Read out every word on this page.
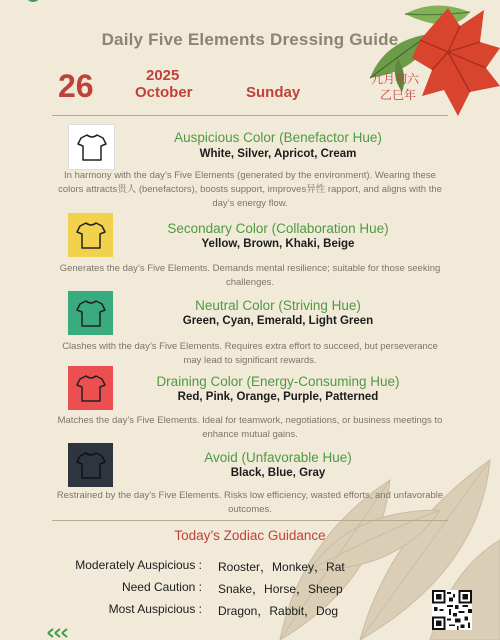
Daily Five Elements Dressing Guide
26	2025
October	Sunday
九月初六
乙巳年
Auspicious Color (Benefactor Hue)
White, Silver, Apricot, Cream
In harmony with the day’s Five Elements (generated by the environment). Wearing these colors attracts贵人 (benefactors), boosts support, improves异性 rapport, and aligns with the day’s energy flow.
Secondary Color (Collaboration Hue)
Yellow, Brown, Khaki, Beige
Generates the day’s Five Elements. Demands mental resilience; suitable for those seeking challenges.
Neutral Color (Striving Hue)
Green, Cyan, Emerald, Light Green
Clashes with the day’s Five Elements. Requires extra effort to succeed, but perseverance may lead to significant rewards.
Draining Color (Energy-Consuming Hue)
Red, Pink, Orange, Purple, Patterned
Matches the day’s Five Elements. Ideal for teamwork, negotiations, or business meetings to enhance mutual gains.
Avoid (Unfavorable Hue)
Black, Blue, Gray
Restrained by the day’s Five Elements. Risks low efficiency, wasted efforts, and unfavorable outcomes.
Today’s Zodiac Guidance
Moderately Auspicious : Rooster，Monkey，Rat
Need Caution : Snake，Horse，Sheep
Most Auspicious : Dragon，Rabbit，Dog
